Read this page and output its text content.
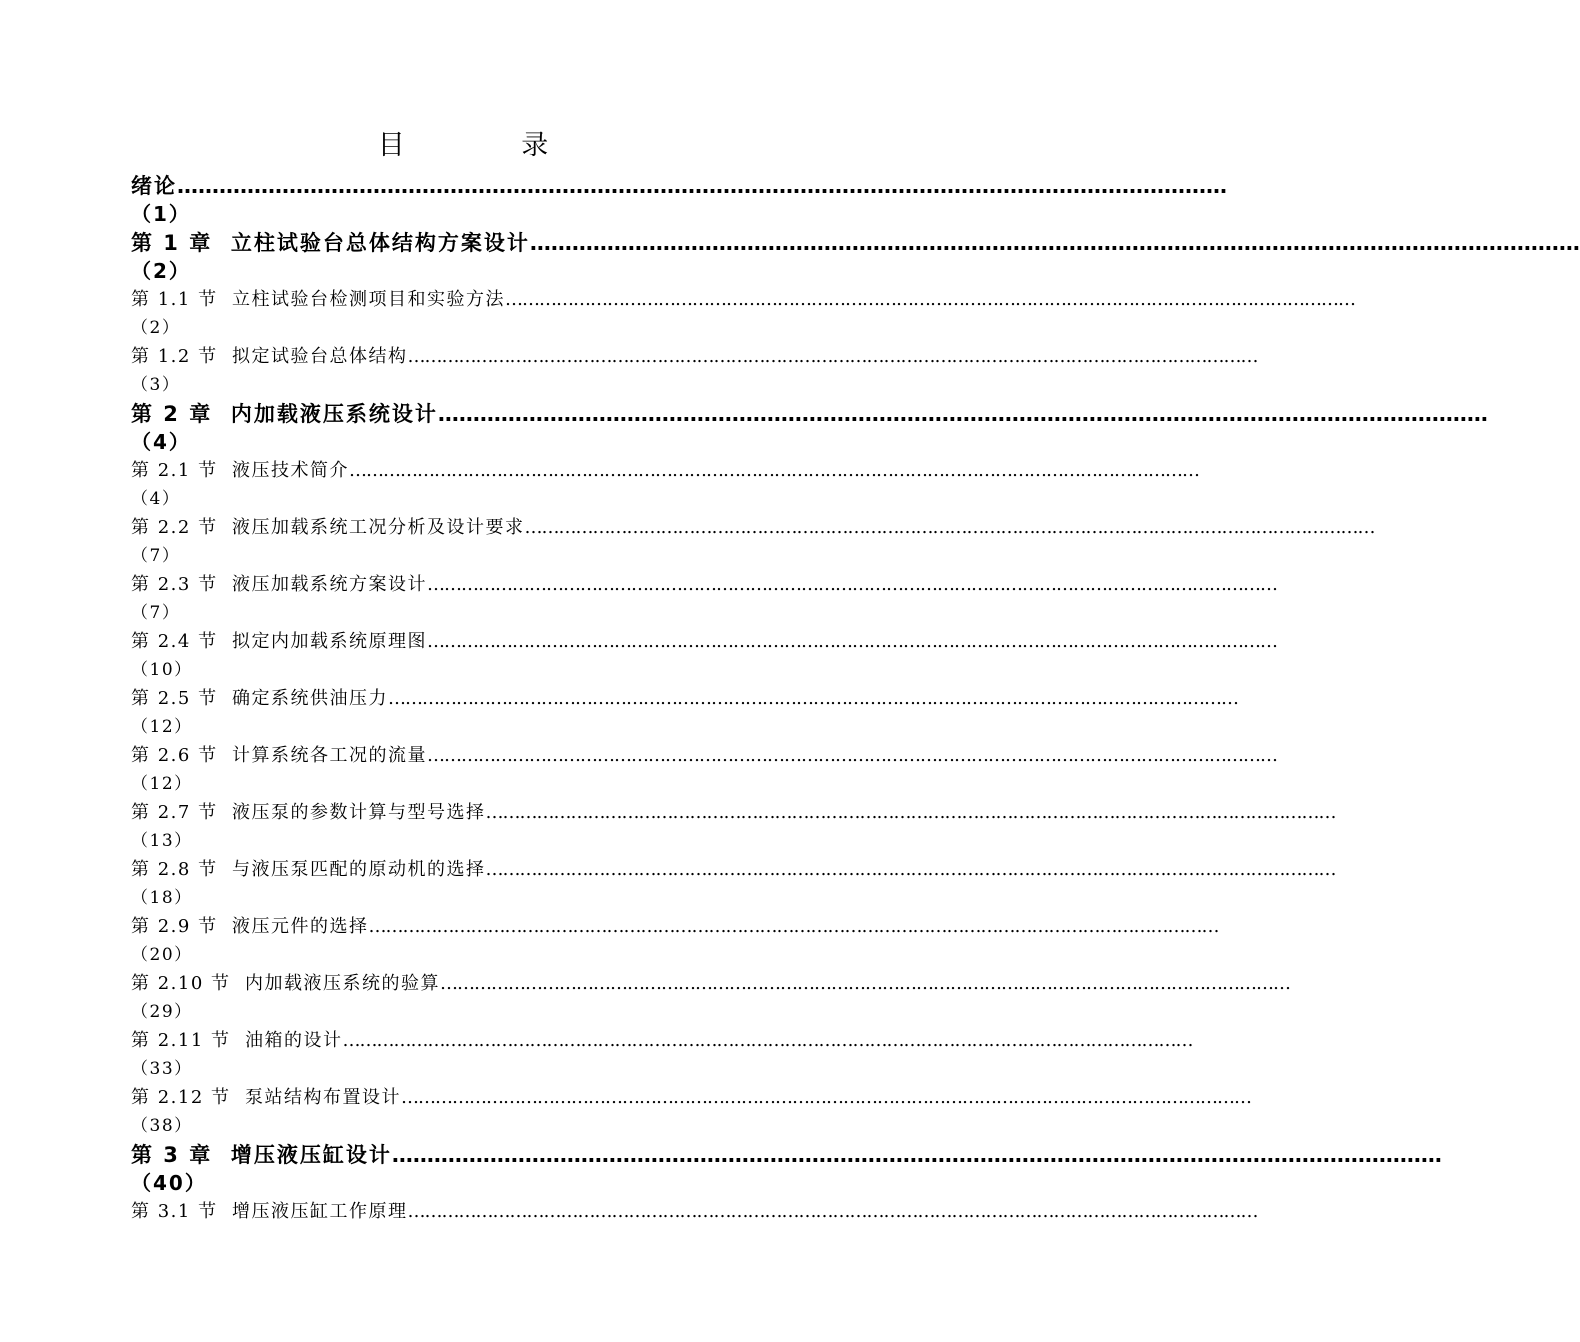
目 录
绪论 ……………………………………………………………………………………………………………………………………
（1）
第 1 章  立柱试验台总体结构方案设计 ……………………………………………………………………………………………………………………………………
（2）
第 1.1 节  立柱试验台检测项目和实验方法 ……………………………………………………………………………………………………………………………………
（2）
第 1.2 节  拟定试验台总体结构 ……………………………………………………………………………………………………………………………………
（3）
第 2 章  内加载液压系统设计 ……………………………………………………………………………………………………………………………………
（4）
第 2.1 节  液压技术简介 ……………………………………………………………………………………………………………………………………
（4）
第 2.2 节  液压加载系统工况分析及设计要求 ……………………………………………………………………………………………………………………………………
（7）
第 2.3 节  液压加载系统方案设计 ……………………………………………………………………………………………………………………………………
（7）
第 2.4 节  拟定内加载系统原理图 ……………………………………………………………………………………………………………………………………
（10）
第 2.5 节  确定系统供油压力 ……………………………………………………………………………………………………………………………………
（12）
第 2.6 节  计算系统各工况的流量 ……………………………………………………………………………………………………………………………………
（12）
第 2.7 节  液压泵的参数计算与型号选择 ……………………………………………………………………………………………………………………………………
（13）
第 2.8 节  与液压泵匹配的原动机的选择 ……………………………………………………………………………………………………………………………………
（18）
第 2.9 节  液压元件的选择 ……………………………………………………………………………………………………………………………………
（20）
第 2.10 节  内加载液压系统的验算 ……………………………………………………………………………………………………………………………………
（29）
第 2.11 节  油箱的设计 ……………………………………………………………………………………………………………………………………
（33）
第 2.12 节  泵站结构布置设计 ……………………………………………………………………………………………………………………………………
（38）
第 3 章  增压液压缸设计 ……………………………………………………………………………………………………………………………………
（40）
第 3.1 节  增压液压缸工作原理 ……………………………………………………………………………………………………………………………………
